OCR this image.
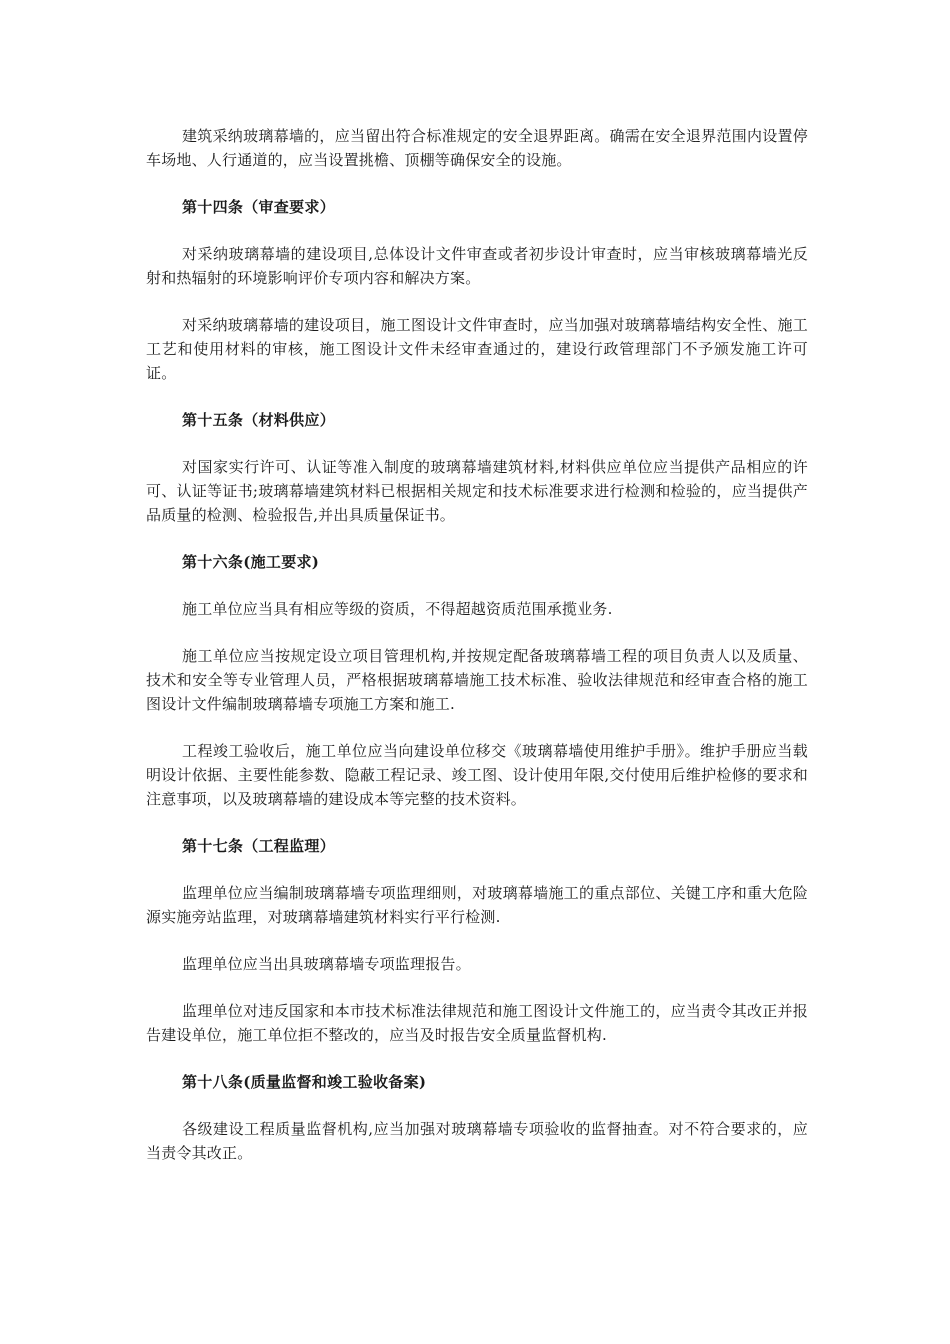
建筑采纳玻璃幕墙的，应当留出符合标准规定的安全退界距离。确需在安全退界范围内设置停车场地、人行通道的，应当设置挑檐、顶棚等确保安全的设施。

第十四条（审查要求）

对采纳玻璃幕墙的建设项目,总体设计文件审查或者初步设计审查时，应当审核玻璃幕墙光反射和热辐射的环境影响评价专项内容和解决方案。

对采纳玻璃幕墙的建设项目，施工图设计文件审查时，应当加强对玻璃幕墙结构安全性、施工工艺和使用材料的审核，施工图设计文件未经审查通过的，建设行政管理部门不予颁发施工许可证。

第十五条（材料供应）

对国家实行许可、认证等准入制度的玻璃幕墙建筑材料,材料供应单位应当提供产品相应的许可、认证等证书;玻璃幕墙建筑材料已根据相关规定和技术标准要求进行检测和检验的，应当提供产品质量的检测、检验报告,并出具质量保证书。

第十六条(施工要求)

施工单位应当具有相应等级的资质，不得超越资质范围承揽业务.

施工单位应当按规定设立项目管理机构,并按规定配备玻璃幕墙工程的项目负责人以及质量、技术和安全等专业管理人员，严格根据玻璃幕墙施工技术标准、验收法律规范和经审查合格的施工图设计文件编制玻璃幕墙专项施工方案和施工.

工程竣工验收后，施工单位应当向建设单位移交《玻璃幕墙使用维护手册》。维护手册应当载明设计依据、主要性能参数、隐蔽工程记录、竣工图、设计使用年限,交付使用后维护检修的要求和注意事项，以及玻璃幕墙的建设成本等完整的技术资料。

第十七条（工程监理）

监理单位应当编制玻璃幕墙专项监理细则，对玻璃幕墙施工的重点部位、关键工序和重大危险源实施旁站监理，对玻璃幕墙建筑材料实行平行检测.

监理单位应当出具玻璃幕墙专项监理报告。

监理单位对违反国家和本市技术标准法律规范和施工图设计文件施工的，应当责令其改正并报告建设单位，施工单位拒不整改的，应当及时报告安全质量监督机构.

第十八条(质量监督和竣工验收备案)

各级建设工程质量监督机构,应当加强对玻璃幕墙专项验收的监督抽查。对不符合要求的，应当责令其改正。
